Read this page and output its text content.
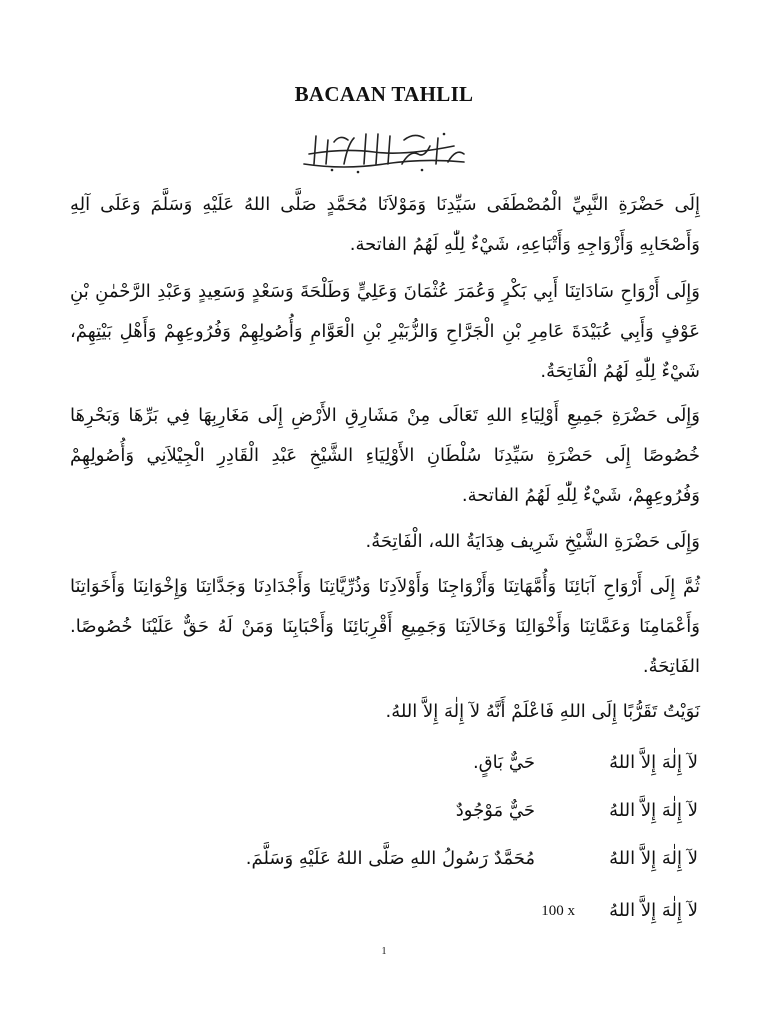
BACAAN TAHLIL

إِلَى حَضْرَةِ النَّبِيِّ الْمُصْطَفَى سَيِّدِنَا وَمَوْلاَنَا مُحَمَّدٍ صَلَّى اللهُ عَلَيْهِ وَسَلَّمَ وَعَلَى آلِهِ وَأَصْحَابِهِ وَأَزْوَاجِهِ وَأَتْبَاعِهِ، شَيْءٌ لِلّٰهِ لَهُمُ الفاتحة.

وَإِلَى أَرْوَاحِ سَادَاتِنَا أَبِي بَكْرٍ وَعُمَرَ عُثْمَانَ وَعَلِيٍّ وَطَلْحَةَ وَسَعْدٍ وَسَعِيدٍ وَعَبْدِ الرَّحْمٰنِ بْنِ عَوْفٍ وَأَبِي عُبَيْدَةَ عَامِرِ بْنِ الْجَرَّاحِ وَالزُّبَيْرِ بْنِ الْعَوَّامِ وَأُصُولِهِمْ وَفُرُوعِهِمْ وَأَهْلِ بَيْتِهِمْ، شَيْءٌ لِلّٰهِ لَهُمُ الْفَاتِحَةُ.

وَإِلَى حَضْرَةِ جَمِيعِ أَوْلِيَاءِ اللهِ تَعَالَى مِنْ مَشَارِقِ الأَرْضِ إِلَى مَغَارِبِهَا فِي بَرِّهَا وَبَحْرِهَا خُصُوصًا إِلَى حَضْرَةِ سَيِّدِنَا سُلْطَانِ الأَوْلِيَاءِ الشَّيْخِ عَبْدِ الْقَادِرِ الْجِيْلاَنِي وَأُصُولِهِمْ وَفُرُوعِهِمْ، شَيْءٌ لِلّٰهِ لَهُمُ الفاتحة.

وَإِلَى حَضْرَةِ الشَّيْخِ شَرِيف هِدَايَةُ الله، الْفَاتِحَةُ.

ثُمَّ إِلَى أَرْوَاحِ آبَائِنَا وَأُمَّهَاتِنَا وَأَزْوَاجِنَا وَأَوْلاَدِنَا وَذُرِّيَّاتِنَا وَأَجْدَادِنَا وَجَدَّاتِنَا وَإِخْوَانِنَا وَأَخَوَاتِنَا وَأَعْمَامِنَا وَعَمَّاتِنَا وَأَخْوَالِنَا وَخَالاَتِنَا وَجَمِيعِ أَقْرِبَائِنَا وَأَحْبَابِنَا وَمَنْ لَهُ حَقٌّ عَلَيْنَا خُصُوصًا. الفَاتِحَةُ.

نَوَيْتُ تَقَرُّبًا إِلَى اللهِ فَاعْلَمْ أَنَّهُ لآ إِلٰهَ إِلاَّ اللهُ.

لآ إِلٰهَ إِلاَّ اللهُ
حَيٌّ بَاقٍ.
لآ إِلٰهَ إِلاَّ اللهُ
حَيٌّ مَوْجُودٌ
لآ إِلٰهَ إِلاَّ اللهُ
مُحَمَّدٌ رَسُولُ اللهِ صَلَّى اللهُ عَلَيْهِ وَسَلَّمَ.
لآ إِلٰهَ إِلاَّ اللهُ
100 x
1
